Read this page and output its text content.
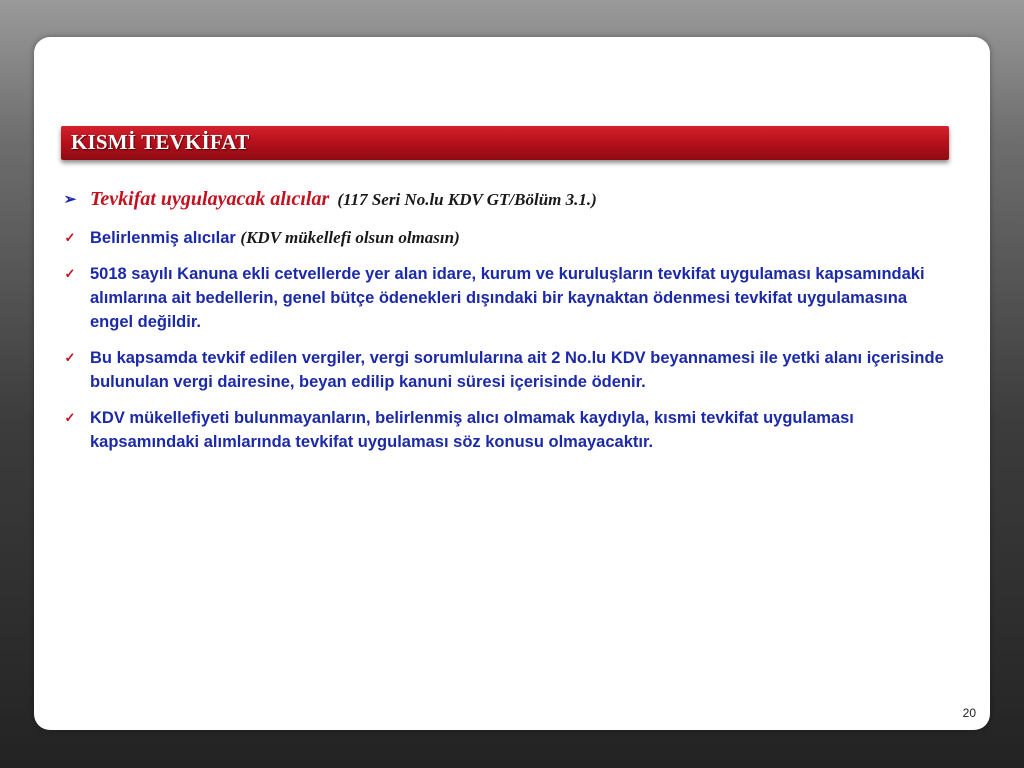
KISMİ TEVKİFAT
➢ Tevkifat uygulayacak alıcılar (117 Seri No.lu KDV GT/Bölüm 3.1.)
✓ Belirlenmiş alıcılar (KDV mükellefi olsun olmasın)
✓ 5018 sayılı Kanuna ekli cetvellerde yer alan idare, kurum ve kuruluşların tevkifat uygulaması kapsamındaki alımlarına ait bedellerin, genel bütçe ödenekleri dışındaki bir kaynaktan ödenmesi tevkifat uygulamasına engel değildir.
✓ Bu kapsamda tevkif edilen vergiler, vergi sorumlularına ait 2 No.lu KDV beyannamesi ile yetki alanı içerisinde bulunulan vergi dairesine, beyan edilip kanuni süresi içerisinde ödenir.
✓ KDV mükellefiyeti bulunmayanların, belirlenmiş alıcı olmamak kaydıyla, kısmi tevkifat uygulaması kapsamındaki alımlarında tevkifat uygulaması söz konusu olmayacaktır.
20
